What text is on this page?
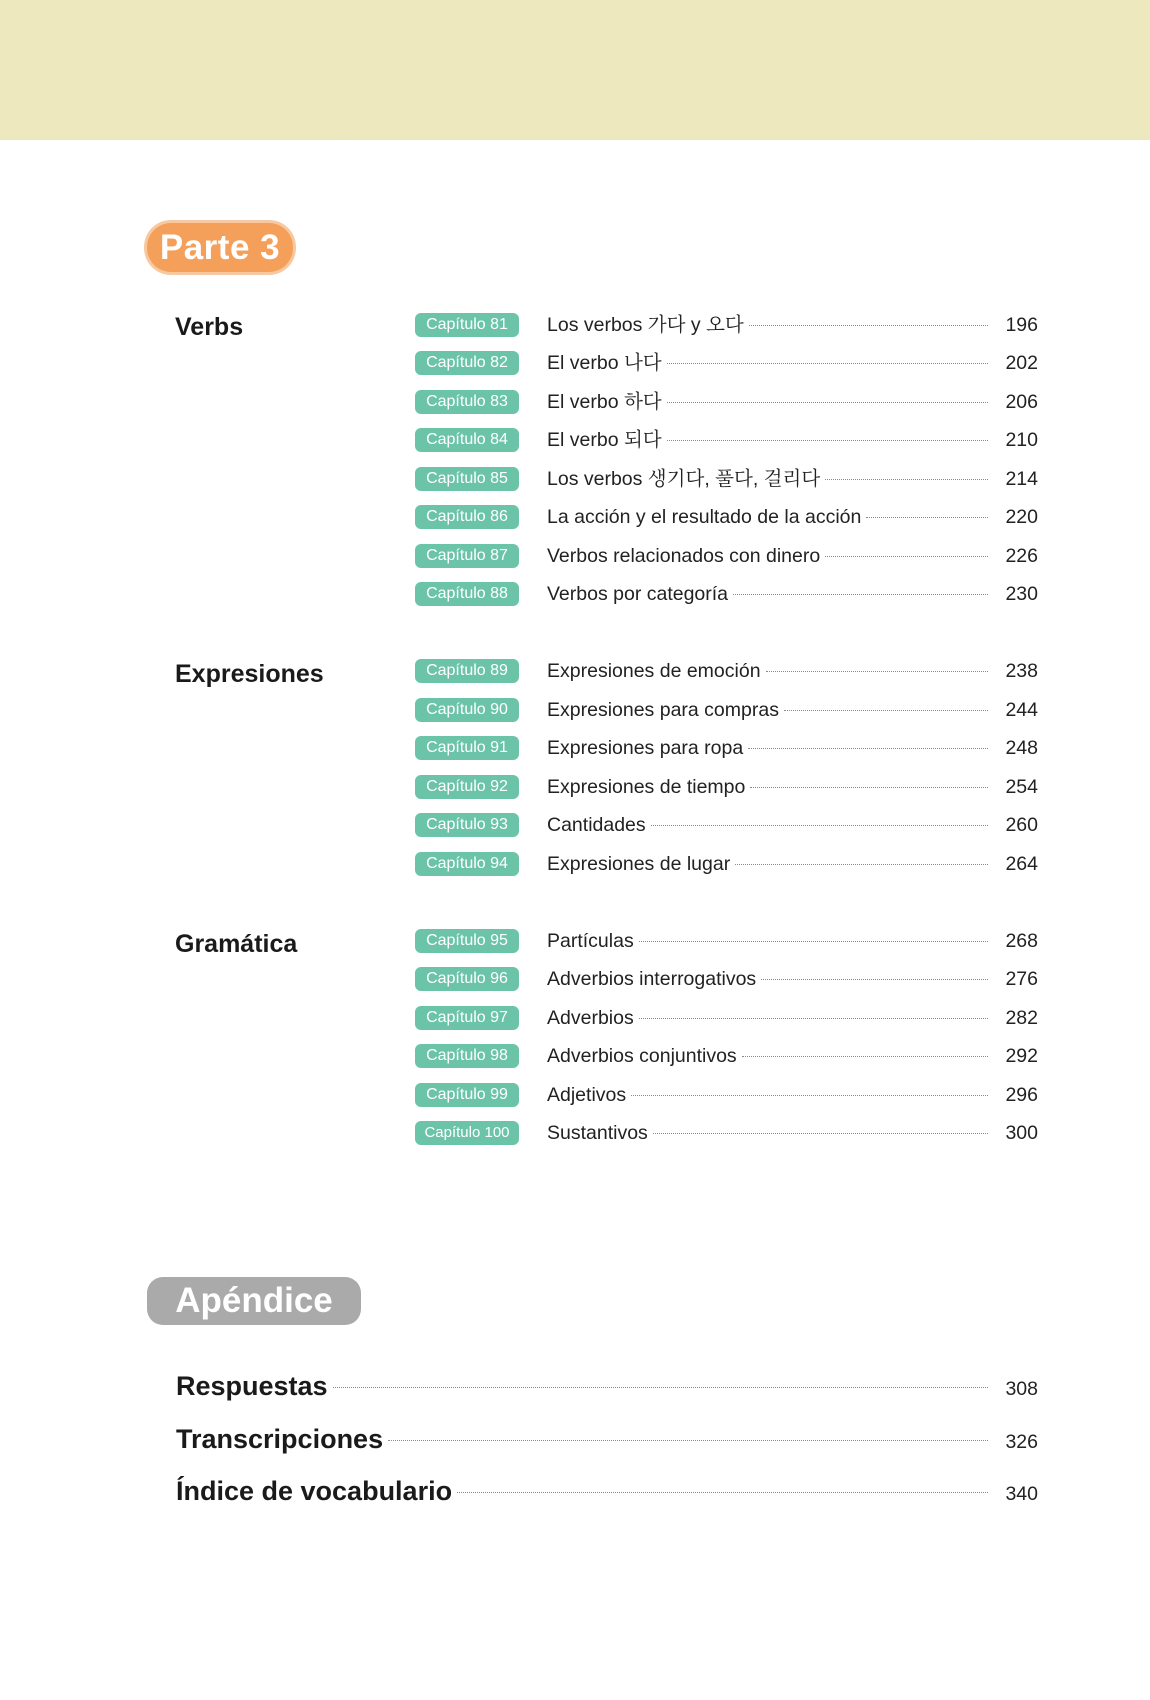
Parte 3
Verbs
Expresiones
Gramática
Capítulo 81	Los verbos 가다 y 오다	196
Capítulo 82	El verbo 나다	202
Capítulo 83	El verbo 하다	206
Capítulo 84	El verbo 되다	210
Capítulo 85	Los verbos 생기다, 풀다, 걸리다	214
Capítulo 86	La acción y el resultado de la acción	220
Capítulo 87	Verbos relacionados con dinero	226
Capítulo 88	Verbos por categoría	230
Capítulo 89	Expresiones de emoción	238
Capítulo 90	Expresiones para compras	244
Capítulo 91	Expresiones para ropa	248
Capítulo 92	Expresiones de tiempo	254
Capítulo 93	Cantidades	260
Capítulo 94	Expresiones de lugar	264
Capítulo 95	Partículas	268
Capítulo 96	Adverbios interrogativos	276
Capítulo 97	Adverbios	282
Capítulo 98	Adverbios conjuntivos	292
Capítulo 99	Adjetivos	296
Capítulo 100	Sustantivos	300
Apéndice
Respuestas	308
Transcripciones	326
Índice de vocabulario	340
